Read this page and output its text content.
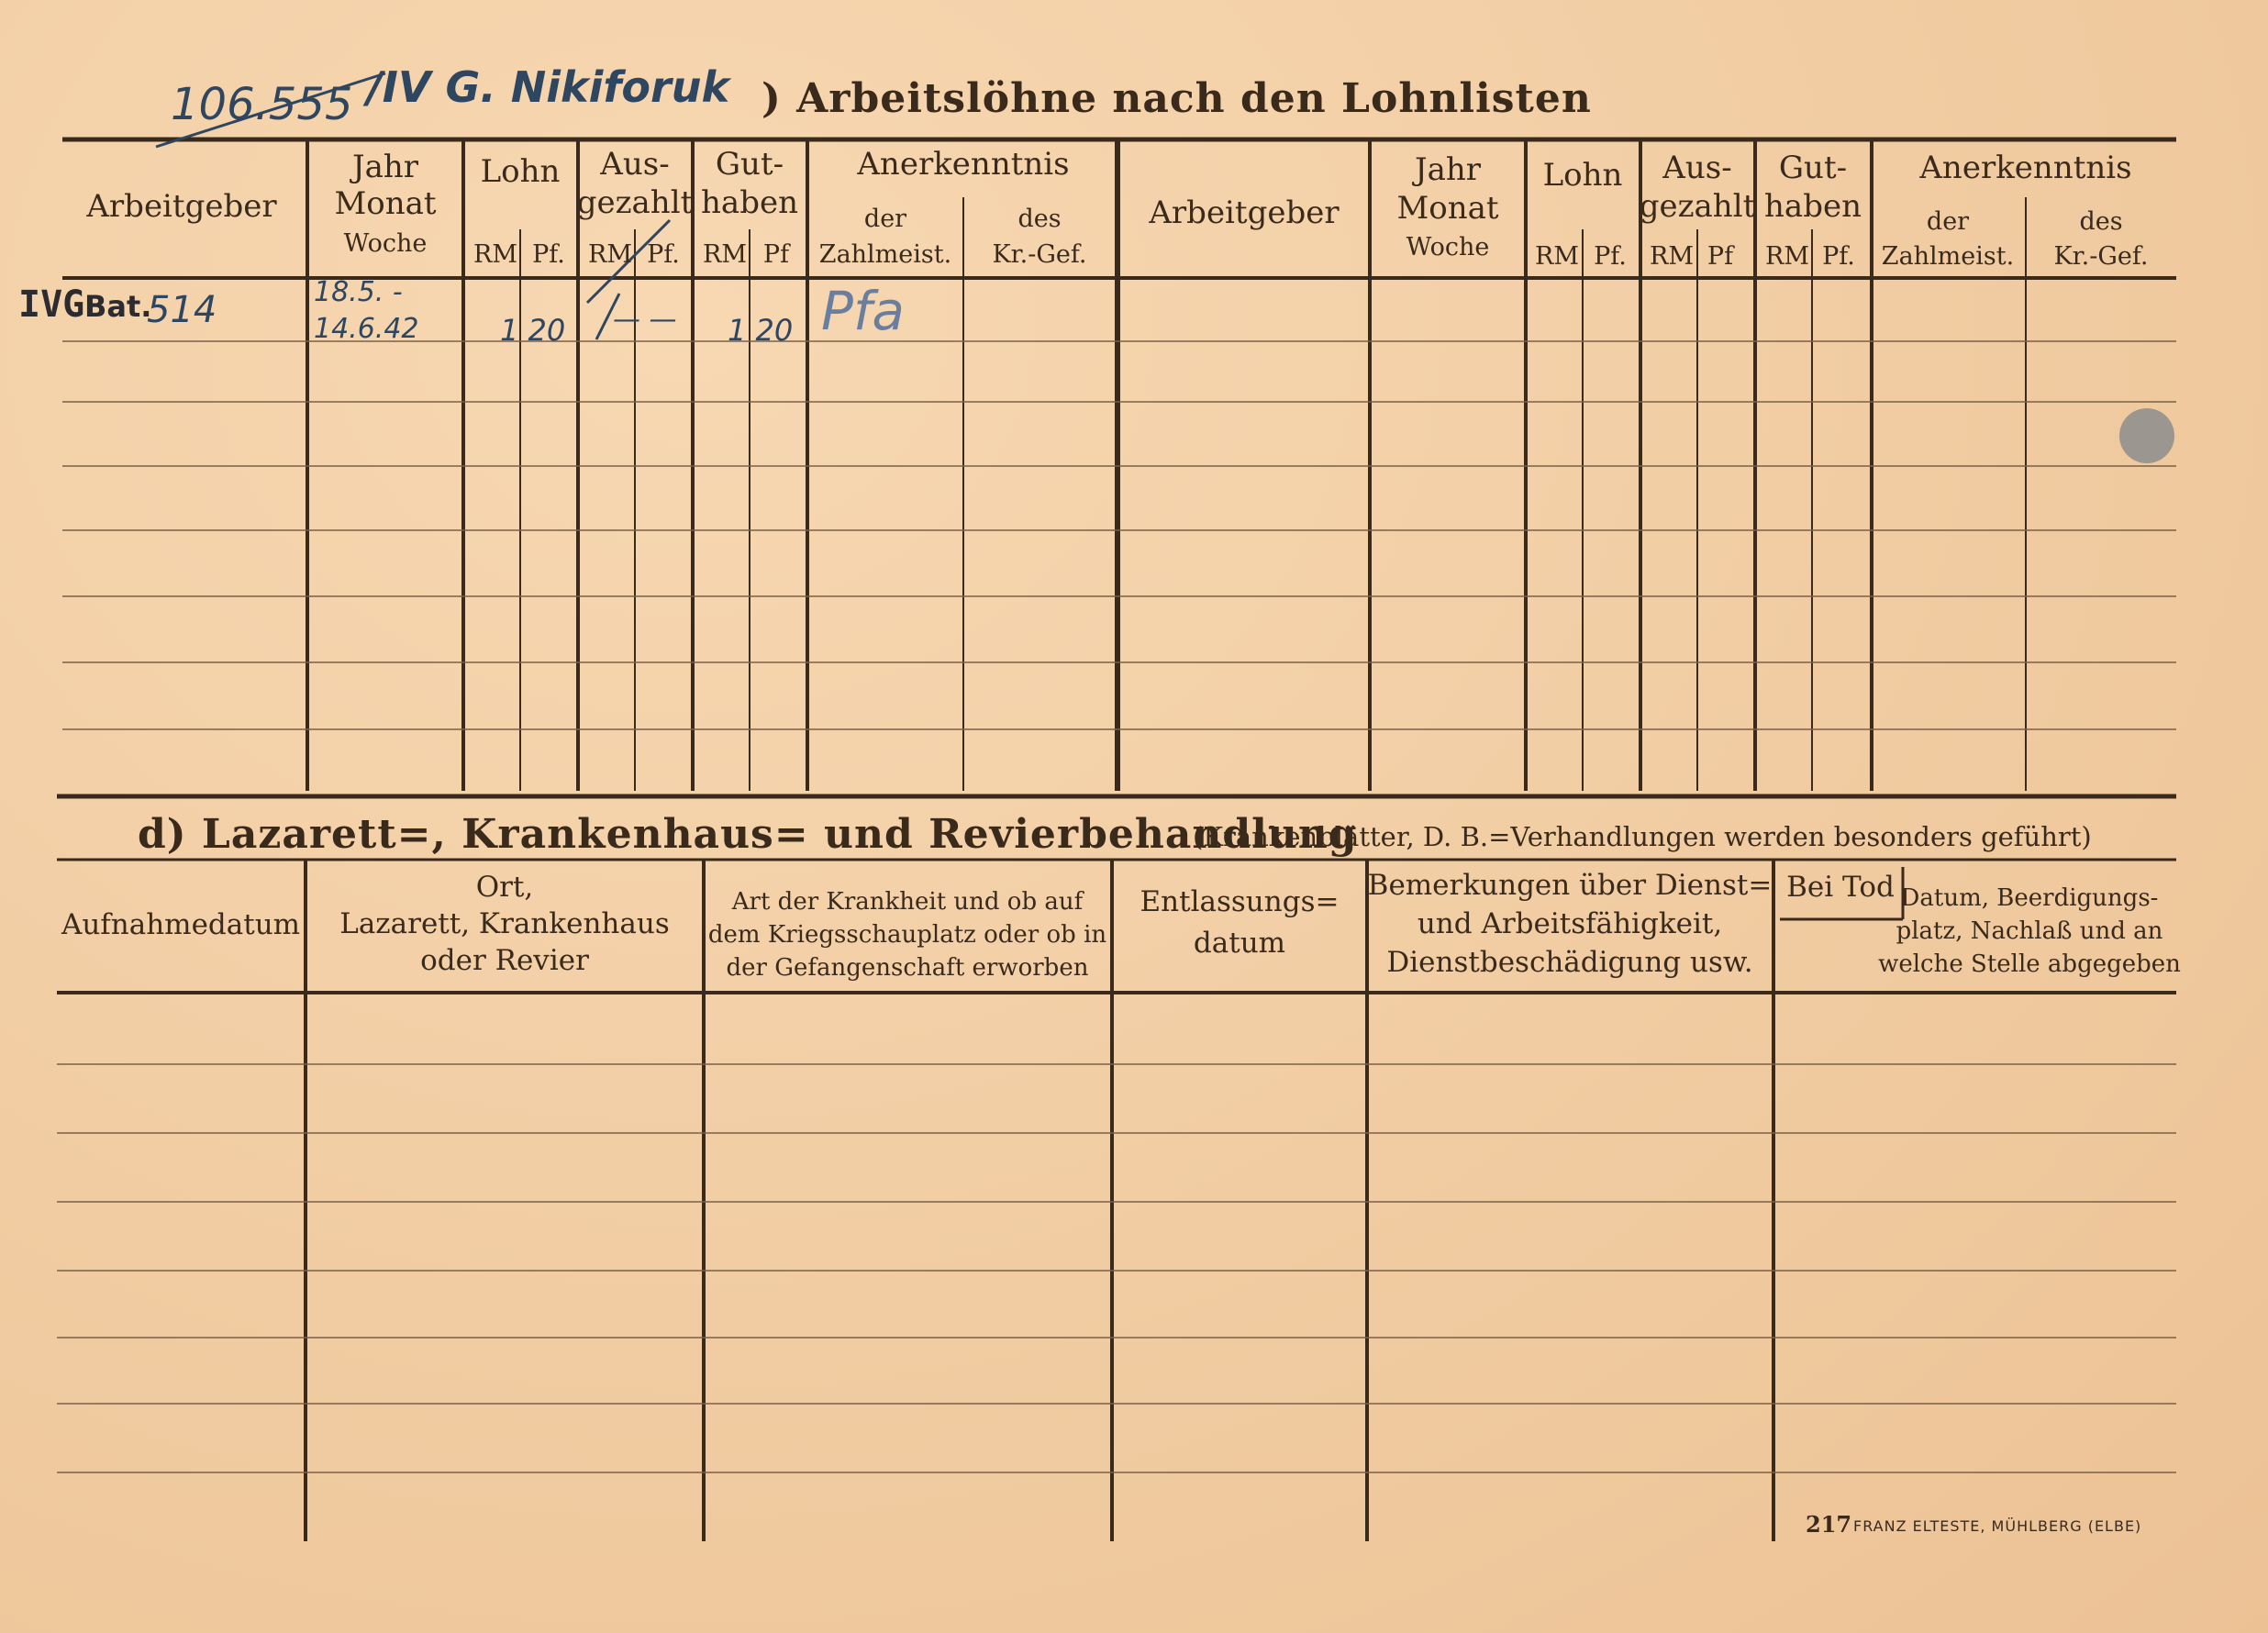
) Arbeitslöhne nach den Lohnlisten
106.555 /IV G. Nikiforuk
Arbeitgeber
Jahr
Monat
Woche
Lohn Aus-
gezahlt
Gut-
haben
Anerkenntnis
der
Zahlmeist.
des
Kr.-Gef.
RM Pf. RM Pf. RM Pf
Arbeitgeber
Jahr
Monat
Woche
Lohn Aus-
gezahlt
Gut-
haben
Anerkenntnis
der
Zahlmeist.
des
Kr.-Gef.
RM Pf. RM Pf RM Pf.
IVG Bat.
514	18.5. -
14.6.42	1 20 — — 1 20 Pfa
d) Lazarett=, Krankenhaus= und Revierbehandlung
(Krankenblätter, D. B.=Verhandlungen werden besonders geführt)
Aufnahmedatum
Ort,
Lazarett, Krankenhaus
oder Revier
Art der Krankheit und ob auf
dem Kriegsschauplatz oder ob in
der Gefangenschaft erworben
Entlassungs=
datum
Bemerkungen über Dienst=
und Arbeitsfähigkeit,
Dienstbeschädigung usw.
Bei Tod Datum, Beerdigungs-
platz, Nachlaß und an
welche Stelle abgegeben
217 FRANZ ELTESTE, MÜHLBERG (ELBE)
